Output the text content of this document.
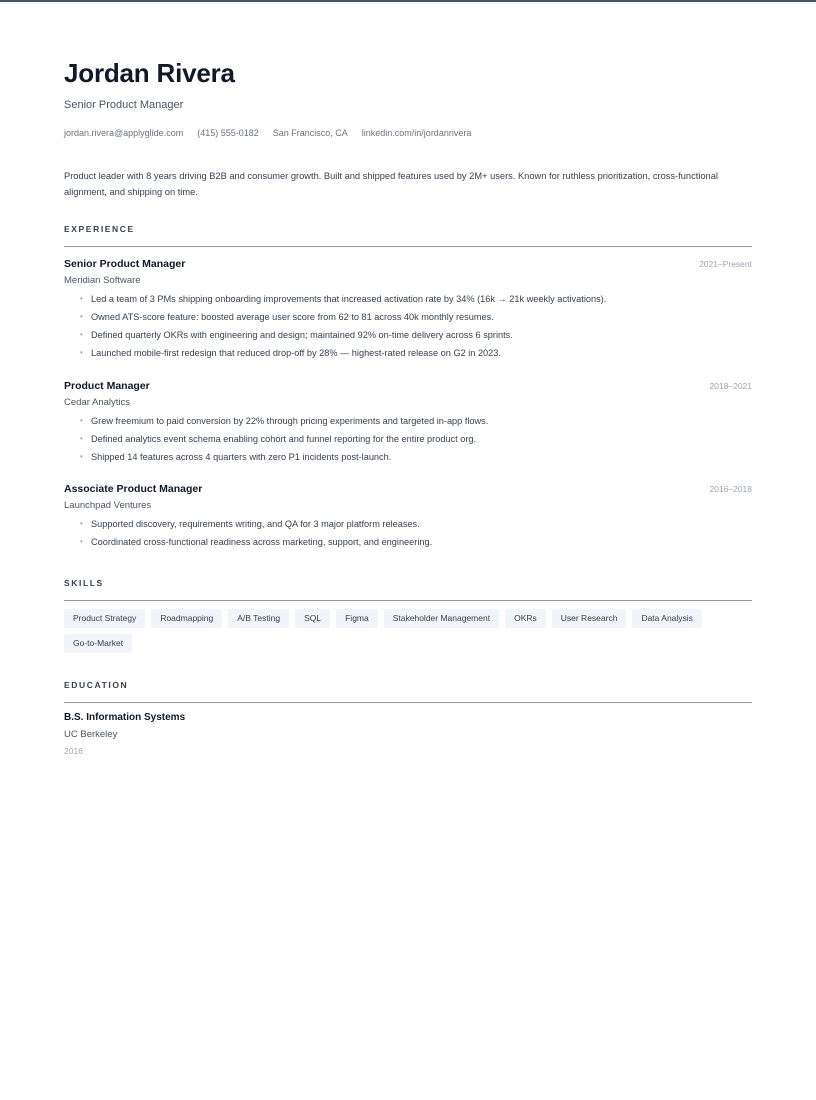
Jordan Rivera
Senior Product Manager
jordan.rivera@applyglide.com (415) 555-0182 San Francisco, CA linkedin.com/in/jordanrivera

Product leader with 8 years driving B2B and consumer growth. Built and shipped features used by 2M+ users. Known for ruthless prioritization, cross-functional alignment, and shipping on time.

EXPERIENCE
Senior Product Manager	2021–Present
Meridian Software
• Led a team of 3 PMs shipping onboarding improvements that increased activation rate by 34% (16k → 21k weekly activations).
• Owned ATS-score feature: boosted average user score from 62 to 81 across 40k monthly resumes.
• Defined quarterly OKRs with engineering and design; maintained 92% on-time delivery across 6 sprints.
• Launched mobile-first redesign that reduced drop-off by 28% — highest-rated release on G2 in 2023.
Product Manager	2018–2021
Cedar Analytics
• Grew freemium to paid conversion by 22% through pricing experiments and targeted in-app flows.
• Defined analytics event schema enabling cohort and funnel reporting for the entire product org.
• Shipped 14 features across 4 quarters with zero P1 incidents post-launch.
Associate Product Manager	2016–2018
Launchpad Ventures
• Supported discovery, requirements writing, and QA for 3 major platform releases.
• Coordinated cross-functional readiness across marketing, support, and engineering.
SKILLS
Product Strategy	Roadmapping	A/B Testing	SQL	Figma	Stakeholder Management	OKRs	User Research	Data Analysis
Go-to-Market
EDUCATION
B.S. Information Systems
UC Berkeley
2016
